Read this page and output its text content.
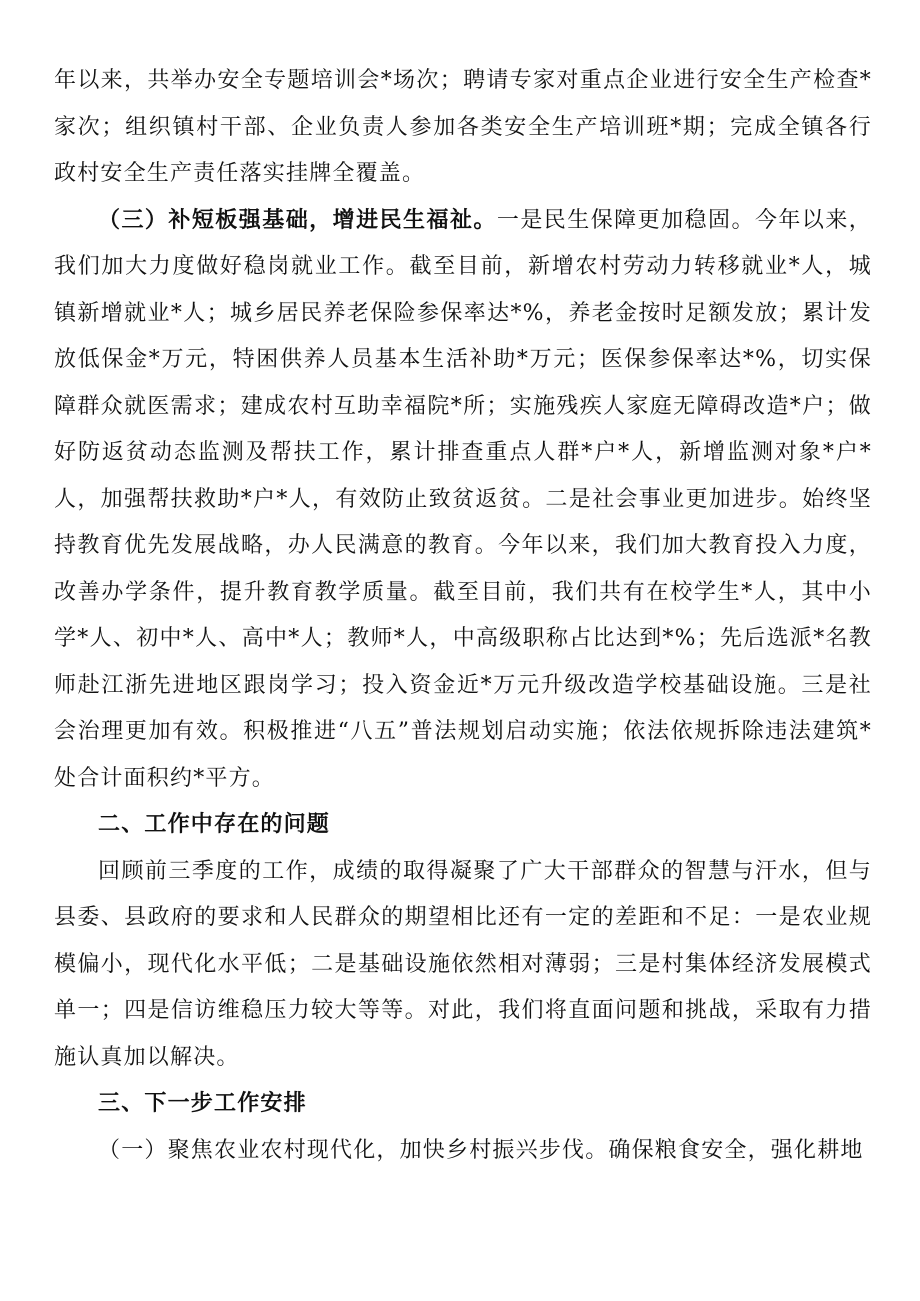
年以来，共举办安全专题培训会*场次；聘请专家对重点企业进行安全生产检查*家次；组织镇村干部、企业负责人参加各类安全生产培训班*期；完成全镇各行政村安全生产责任落实挂牌全覆盖。

（三）补短板强基础，增进民生福祉。一是民生保障更加稳固。今年以来，我们加大力度做好稳岗就业工作。截至目前，新增农村劳动力转移就业*人，城镇新增就业*人；城乡居民养老保险参保率达*%，养老金按时足额发放；累计发放低保金*万元，特困供养人员基本生活补助*万元；医保参保率达*%，切实保障群众就医需求；建成农村互助幸福院*所；实施残疾人家庭无障碍改造*户；做好防返贫动态监测及帮扶工作，累计排查重点人群*户*人，新增监测对象*户*人，加强帮扶救助*户*人，有效防止致贫返贫。二是社会事业更加进步。始终坚持教育优先发展战略，办人民满意的教育。今年以来，我们加大教育投入力度，改善办学条件，提升教育教学质量。截至目前，我们共有在校学生*人，其中小学*人、初中*人、高中*人；教师*人，中高级职称占比达到*%；先后选派*名教师赴江浙先进地区跟岗学习；投入资金近*万元升级改造学校基础设施。三是社会治理更加有效。积极推进“八五”普法规划启动实施；依法依规拆除违法建筑*处合计面积约*平方。

二、工作中存在的问题

回顾前三季度的工作，成绩的取得凝聚了广大干部群众的智慧与汗水，但与县委、县政府的要求和人民群众的期望相比还有一定的差距和不足：一是农业规模偏小，现代化水平低；二是基础设施依然相对薄弱；三是村集体经济发展模式单一；四是信访维稳压力较大等等。对此，我们将直面问题和挑战，采取有力措施认真加以解决。

三、下一步工作安排

（一）聚焦农业农村现代化，加快乡村振兴步伐。确保粮食安全，强化耕地
